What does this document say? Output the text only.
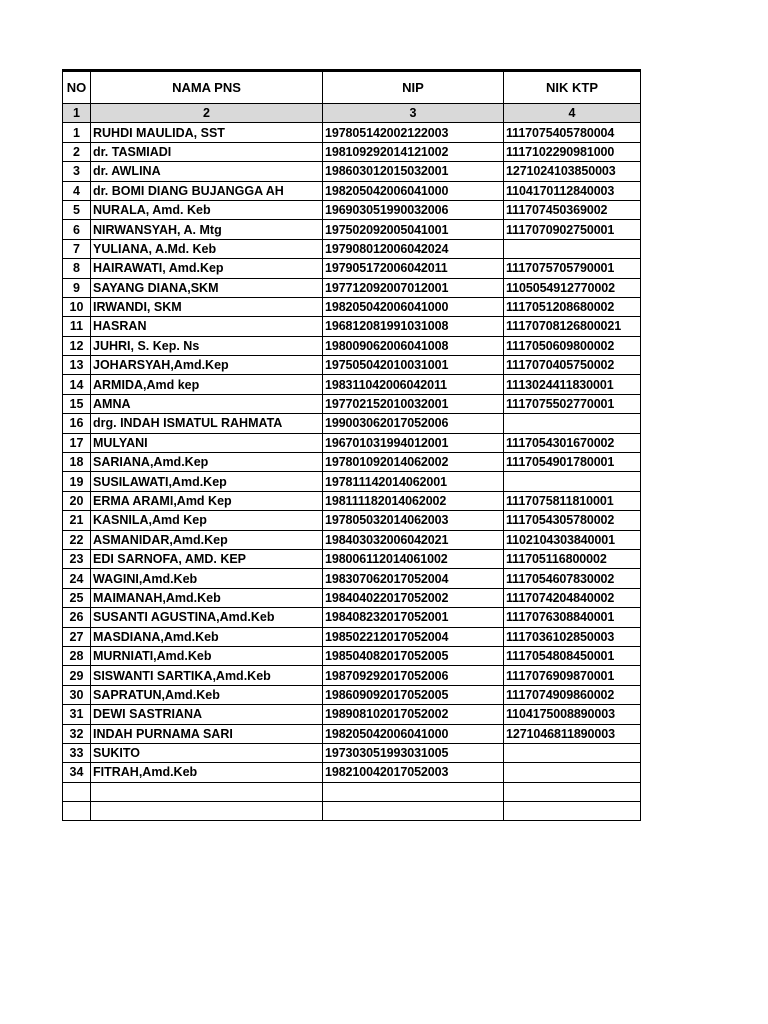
NO	NAMA PNS	NIP	NIK KTP
1	2	3	4
1	RUHDI MAULIDA, SST	197805142002122003	1117075405780004
2	dr. TASMIADI	198109292014121002	1117102290981000
3	dr. AWLINA	198603012015032001	1271024103850003
4	dr. BOMI DIANG BUJANGGA AH	198205042006041000	1104170112840003
5	NURALA, Amd. Keb	196903051990032006	111707450369002
6	NIRWANSYAH, A. Mtg	197502092005041001	1117070902750001
7	YULIANA, A.Md. Keb	197908012006042024	
8	HAIRAWATI, Amd.Kep	197905172006042011	1117075705790001
9	SAYANG DIANA,SKM	197712092007012001	1105054912770002
10	IRWANDI, SKM	198205042006041000	1117051208680002
11	HASRAN	196812081991031008	11170708126800021
12	JUHRI, S. Kep. Ns	198009062006041008	1117050609800002
13	JOHARSYAH,Amd.Kep	197505042010031001	1117070405750002
14	ARMIDA,Amd kep	198311042006042011	1113024411830001
15	AMNA	197702152010032001	1117075502770001
16	drg. INDAH ISMATUL RAHMATA	199003062017052006	
17	MULYANI	196701031994012001	1117054301670002
18	SARIANA,Amd.Kep	197801092014062002	1117054901780001
19	SUSILAWATI,Amd.Kep	197811142014062001	
20	ERMA ARAMI,Amd Kep	198111182014062002	1117075811810001
21	KASNILA,Amd Kep	197805032014062003	1117054305780002
22	ASMANIDAR,Amd.Kep	198403032006042021	1102104303840001
23	EDI SARNOFA, AMD. KEP	198006112014061002	111705116800002
24	WAGINI,Amd.Keb	198307062017052004	1117054607830002
25	MAIMANAH,Amd.Keb	198404022017052002	1117074204840002
26	SUSANTI AGUSTINA,Amd.Keb	198408232017052001	1117076308840001
27	MASDIANA,Amd.Keb	198502212017052004	1117036102850003
28	MURNIATI,Amd.Keb	198504082017052005	1117054808450001
29	SISWANTI SARTIKA,Amd.Keb	198709292017052006	1117076909870001
30	SAPRATUN,Amd.Keb	198609092017052005	1117074909860002
31	DEWI SASTRIANA	198908102017052002	1104175008890003
32	INDAH PURNAMA SARI	198205042006041000	1271046811890003
33	SUKITO	197303051993031005	
34	FITRAH,Amd.Keb	198210042017052003	
